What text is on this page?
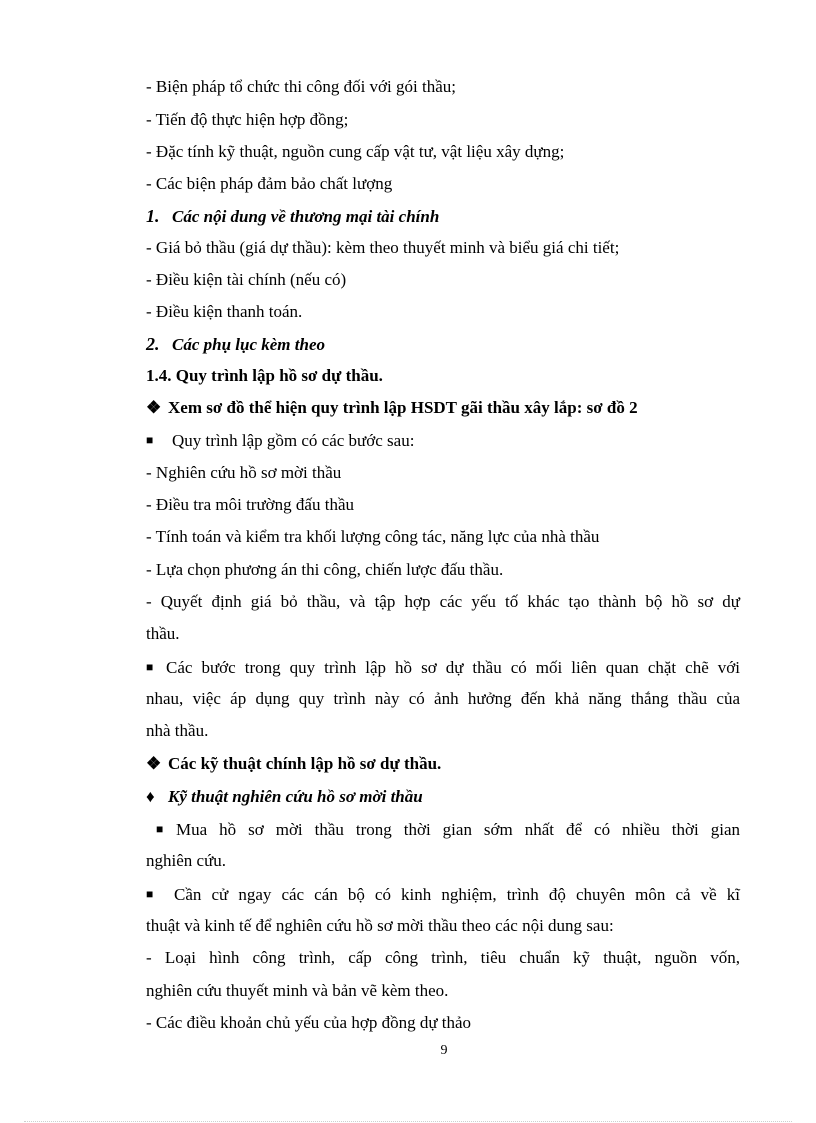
- Biện pháp tổ chức thi công đối với gói thầu;
- Tiến độ thực hiện hợp đồng;
- Đặc tính kỹ thuật, nguồn cung cấp vật tư, vật liệu xây dựng;
- Các biện pháp đảm bảo chất lượng
1. Các nội dung về thương mại tài chính
- Giá bỏ thầu (giá dự thầu): kèm theo thuyết minh và biểu giá chi tiết;
- Điều kiện tài chính (nếu có)
- Điều kiện thanh toán.
2. Các phụ lục kèm theo
1.4. Quy trình lập hồ sơ dự thầu.
❖ Xem sơ đồ thể hiện quy trình lập HSDT gãi thầu xây lắp: sơ đồ 2
■ Quy trình lập gồm có các bước sau:
- Nghiên cứu hồ sơ mời thầu
- Điều tra môi trường đấu thầu
- Tính toán và kiểm tra khối lượng công tác, năng lực của nhà thầu
- Lựa chọn phương án thi công, chiến lược đấu thầu.
- Quyết định giá bỏ thầu, và tập hợp các yếu tố khác tạo thành bộ hồ sơ dự
thầu.
■ Các bước trong quy trình lập hồ sơ dự thầu có mối liên quan chặt chẽ với
nhau, việc áp dụng quy trình này có ảnh hưởng đến khả năng thắng thầu của
nhà thầu.
❖ Các kỹ thuật chính lập hồ sơ dự thầu.
♦ Kỹ thuật nghiên cứu hồ sơ mời thầu
■ Mua hồ sơ mời thầu trong thời gian sớm nhất để có nhiều thời gian
nghiên cứu.
■ Cần cử ngay các cán bộ có kinh nghiệm, trình độ chuyên môn cả về kĩ
thuật và kinh tế để nghiên cứu hồ sơ mời thầu theo các nội dung sau:
- Loại hình công trình, cấp công trình, tiêu chuẩn kỹ thuật, nguồn vốn,
nghiên cứu thuyết minh và bản vẽ kèm theo.
- Các điều khoản chủ yếu của hợp đồng dự thảo
9
